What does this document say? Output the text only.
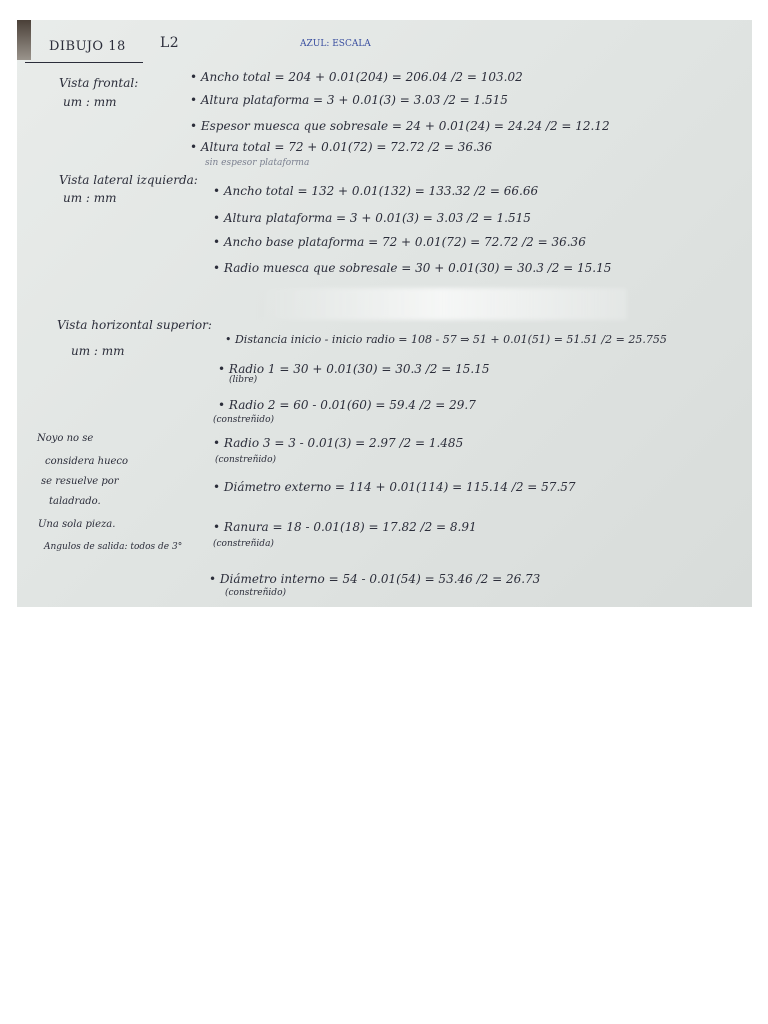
DIBUJO 18 L2	AZUL: ESCALA
Vista frontal:
um : mm
• Ancho total = 204 + 0.01(204) = 206.04 /2 = 103.02
• Altura plataforma = 3 + 0.01(3) = 3.03 /2 = 1.515
• Espesor muesca que sobresale = 24 + 0.01(24) = 24.24 /2 = 12.12
• Altura total = 72 + 0.01(72) = 72.72 /2 = 36.36
sin espesor plataforma
Vista lateral izquierda:
um : mm	• Ancho total = 132 + 0.01(132) = 133.32 /2 = 66.66
• Altura plataforma = 3 + 0.01(3) = 3.03 /2 = 1.515
• Ancho base plataforma = 72 + 0.01(72) = 72.72 /2 = 36.36
• Radio muesca que sobresale = 30 + 0.01(30) = 30.3 /2 = 15.15
Vista horizontal superior:
um : mm
• Distancia inicio - inicio radio = 108 - 57 ⇒ 51 + 0.01(51) = 51.51 /2 = 25.755
• Radio 1 = 30 + 0.01(30) = 30.3 /2 = 15.15
(libre)
• Radio 2 = 60 - 0.01(60) = 59.4 /2 = 29.7
(constreñido)
• Radio 3 = 3 - 0.01(3) = 2.97 /2 = 1.485
(constreñido)
• Diámetro externo = 114 + 0.01(114) = 115.14 /2 = 57.57
• Ranura = 18 - 0.01(18) = 17.82 /2 = 8.91
(constreñida)
• Diámetro interno = 54 - 0.01(54) = 53.46 /2 = 26.73
(constreñido)
Noyo no se
considera hueco
se resuelve por
taladrado.
Una sola pieza.
Angulos de salida: todos de 3°
